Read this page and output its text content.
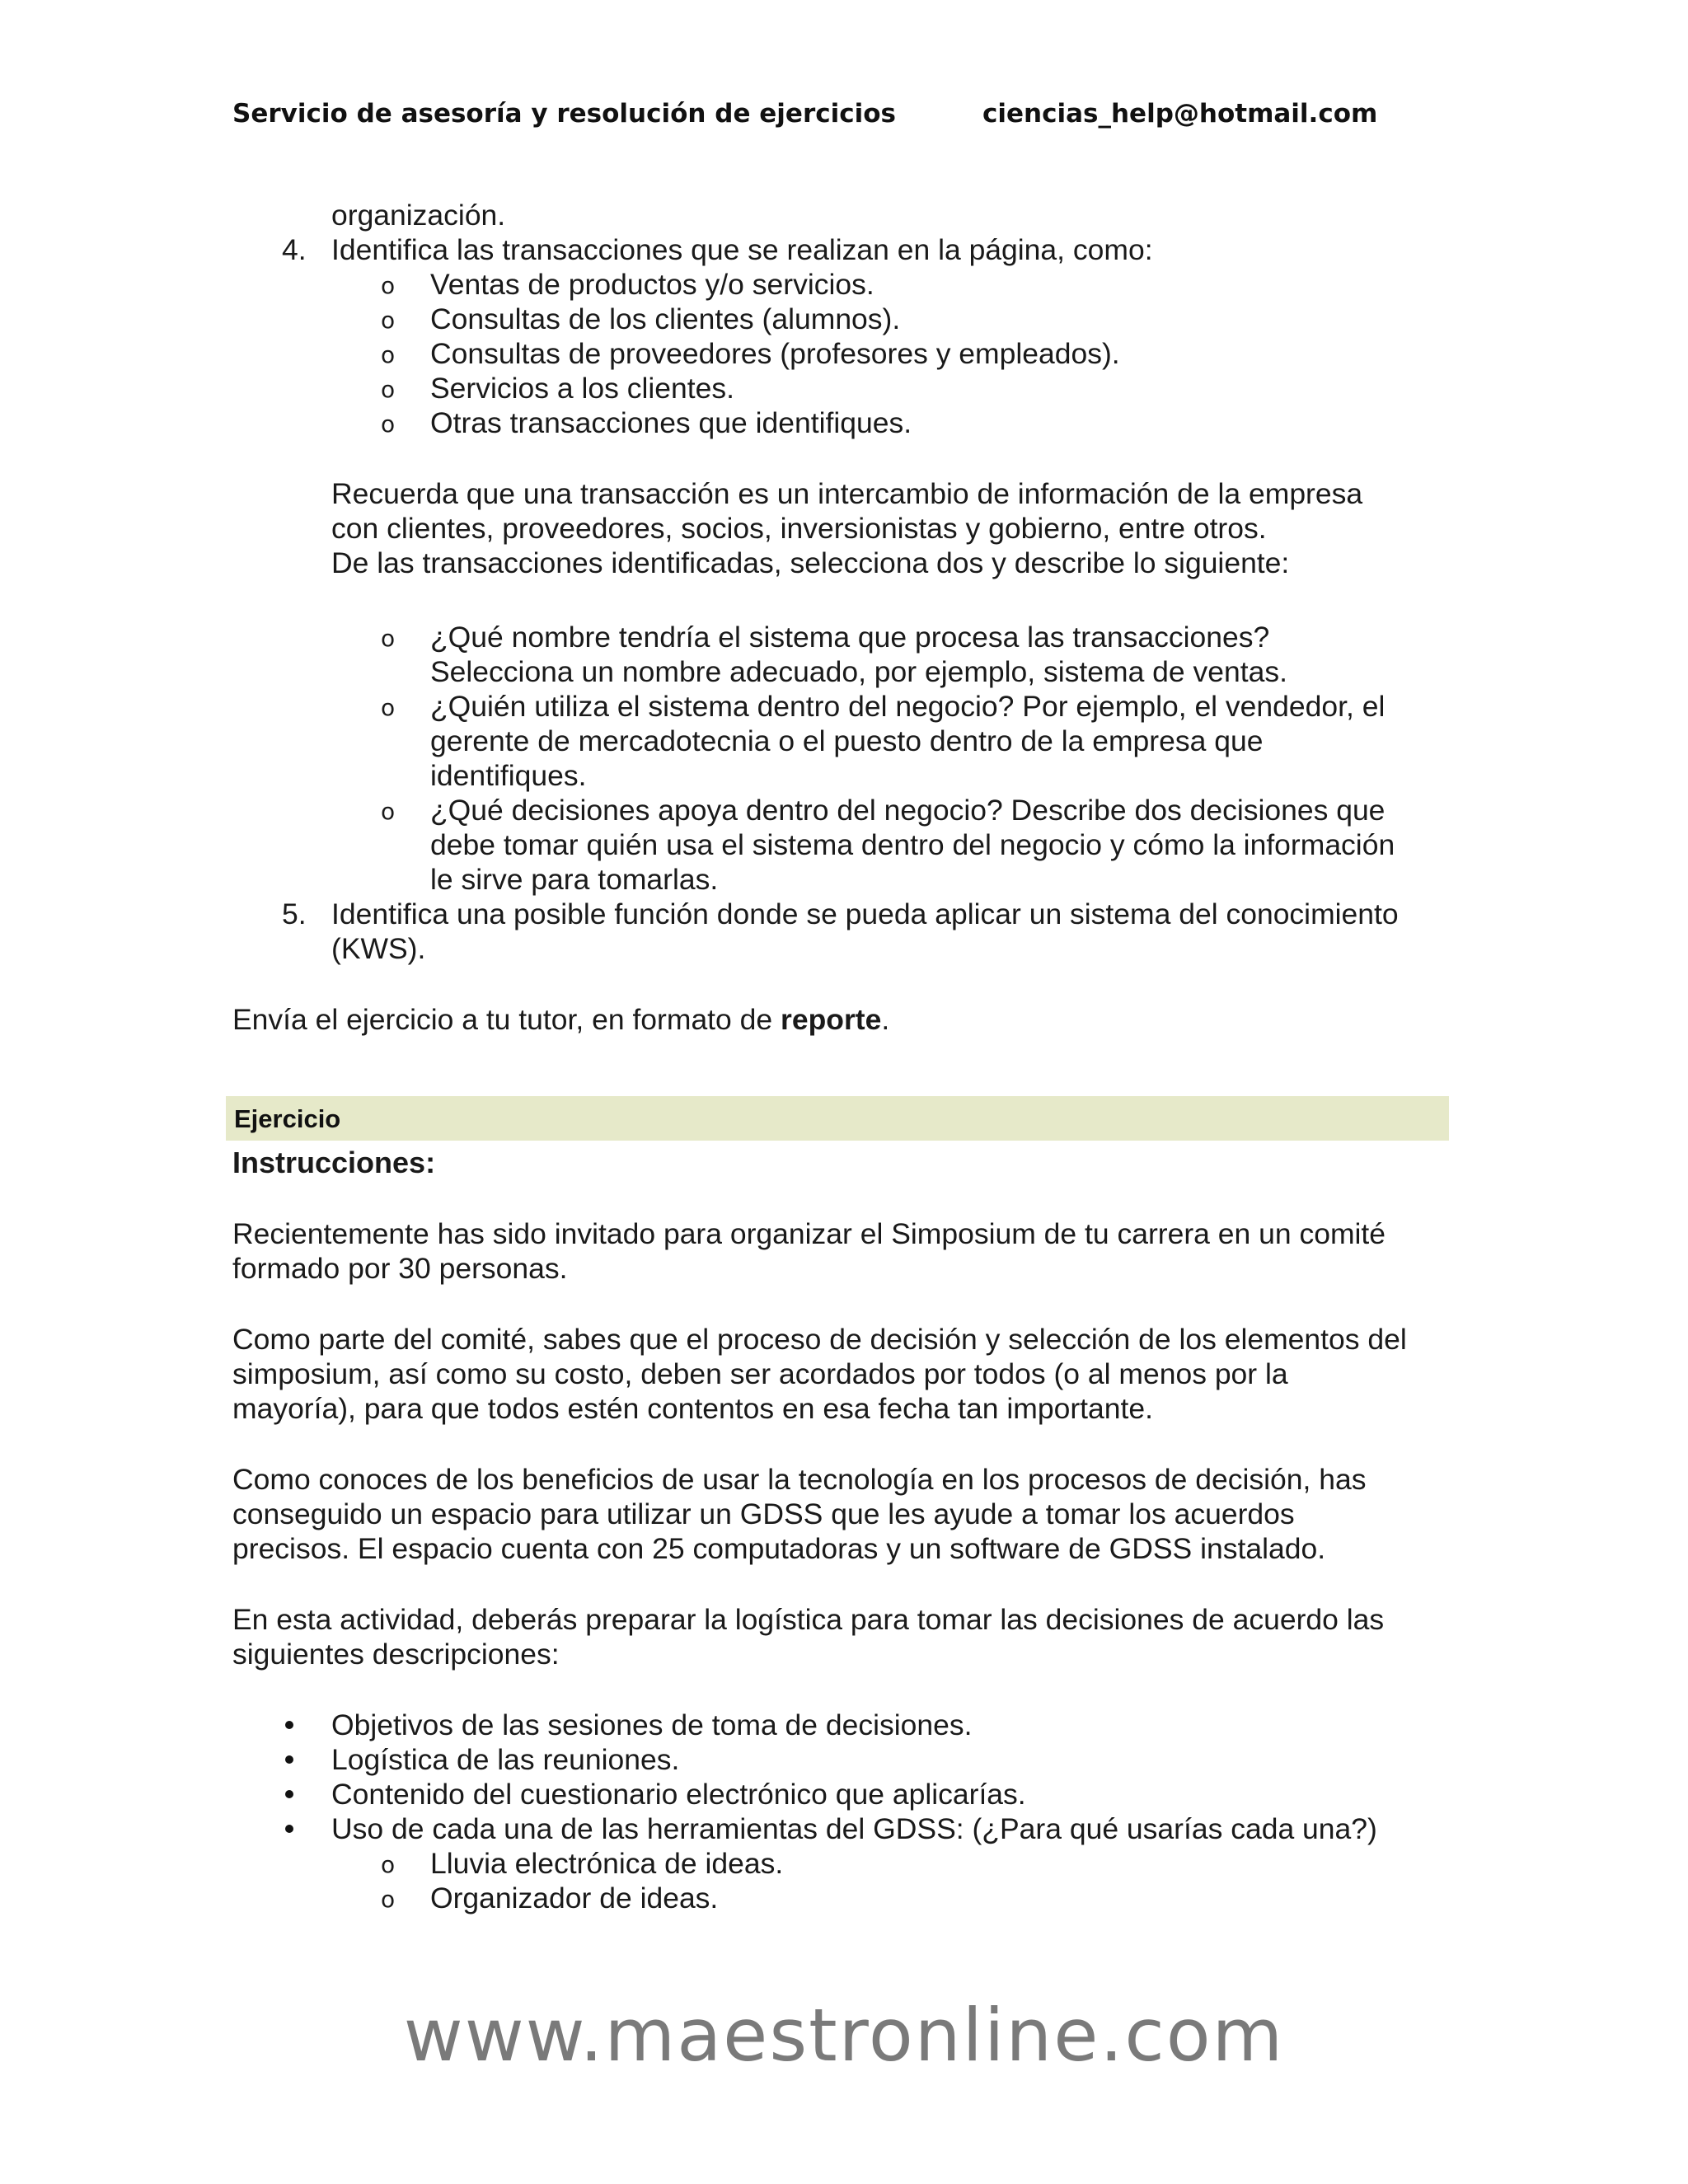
Servicio de asesoría y resolución de ejercicios	ciencias_help@hotmail.com

organización.

4. Identifica las transacciones que se realizan en la página, como:

o Ventas de productos y/o servicios.

o Consultas de los clientes (alumnos).

o Consultas de proveedores (profesores y empleados).

o Servicios a los clientes.

o Otras transacciones que identifiques.

Recuerda que una transacción es un intercambio de información de la empresa

con clientes, proveedores, socios, inversionistas y gobierno, entre otros.

De las transacciones identificadas, selecciona dos y describe lo siguiente:

o ¿Qué nombre tendría el sistema que procesa las transacciones?

Selecciona un nombre adecuado, por ejemplo, sistema de ventas.

o ¿Quién utiliza el sistema dentro del negocio? Por ejemplo, el vendedor, el

gerente de mercadotecnia o el puesto dentro de la empresa que

identifiques.

o ¿Qué decisiones apoya dentro del negocio? Describe dos decisiones que

debe tomar quién usa el sistema dentro del negocio y cómo la información

le sirve para tomarlas.

5. Identifica una posible función donde se pueda aplicar un sistema del conocimiento

(KWS).

Envía el ejercicio a tu tutor, en formato de reporte.

Ejercicio

Instrucciones:

Recientemente has sido invitado para organizar el Simposium de tu carrera en un comité

formado por 30 personas.

Como parte del comité, sabes que el proceso de decisión y selección de los elementos del

simposium, así como su costo, deben ser acordados por todos (o al menos por la

mayoría), para que todos estén contentos en esa fecha tan importante.

Como conoces de los beneficios de usar la tecnología en los procesos de decisión, has

conseguido un espacio para utilizar un GDSS que les ayude a tomar los acuerdos

precisos. El espacio cuenta con 25 computadoras y un software de GDSS instalado.

En esta actividad, deberás preparar la logística para tomar las decisiones de acuerdo las

siguientes descripciones:

Objetivos de las sesiones de toma de decisiones.

Logística de las reuniones.

Contenido del cuestionario electrónico que aplicarías.

Uso de cada una de las herramientas del GDSS: (¿Para qué usarías cada una?)

o Lluvia electrónica de ideas.

o Organizador de ideas.

www.maestronline.com
